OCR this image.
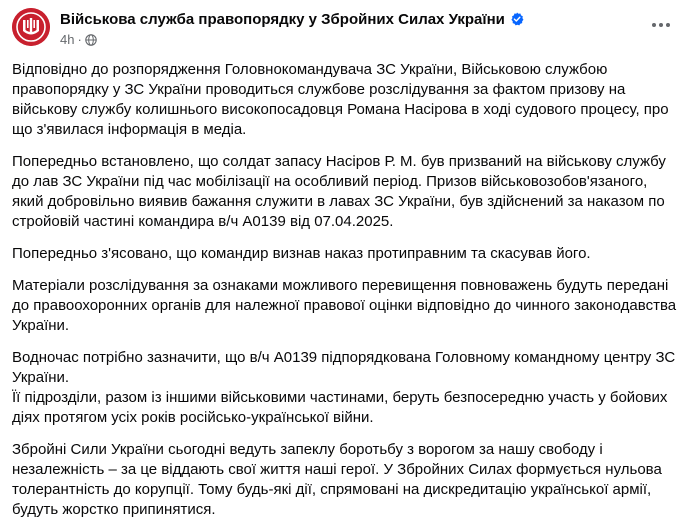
Військова служба правопорядку у Збройних Силах України
4h ·

Відповідно до розпорядження Головнокомандувача ЗС України, Військовою службою правопорядку у ЗС України проводиться службове розслідування за фактом призову на військову службу колишнього високопосадовця Романа Насірова в ході судового процесу, про що з'явилася інформація в медіа.

Попередньо встановлено, що солдат запасу Насіров Р. М. був призваний на військову службу до лав ЗС України під час мобілізації на особливий період. Призов військовозобов'язаного, який добровільно виявив бажання служити в лавах ЗС України, був здійснений за наказом по стройовій частині командира в/ч А0139 від 07.04.2025.

Попередньо з'ясовано, що командир визнав наказ протиправним та скасував його.

Матеріали розслідування за ознаками можливого перевищення повноважень будуть передані до правоохоронних органів для належної правової оцінки відповідно до чинного законодавства України.

Водночас потрібно зазначити, що в/ч А0139 підпорядкована Головному командному центру ЗС України.

Її підрозділи, разом із іншими військовими частинами, беруть безпосередню участь у бойових діях протягом усіх років російсько-української війни.

Збройні Сили України сьогодні ведуть запеклу боротьбу з ворогом за нашу свободу і незалежність – за це віддають свої життя наші герої. У Збройних Силах формується нульова толерантність до корупції. Тому будь-які дії, спрямовані на дискредитацію української армії, будуть жорстко припинятися.
